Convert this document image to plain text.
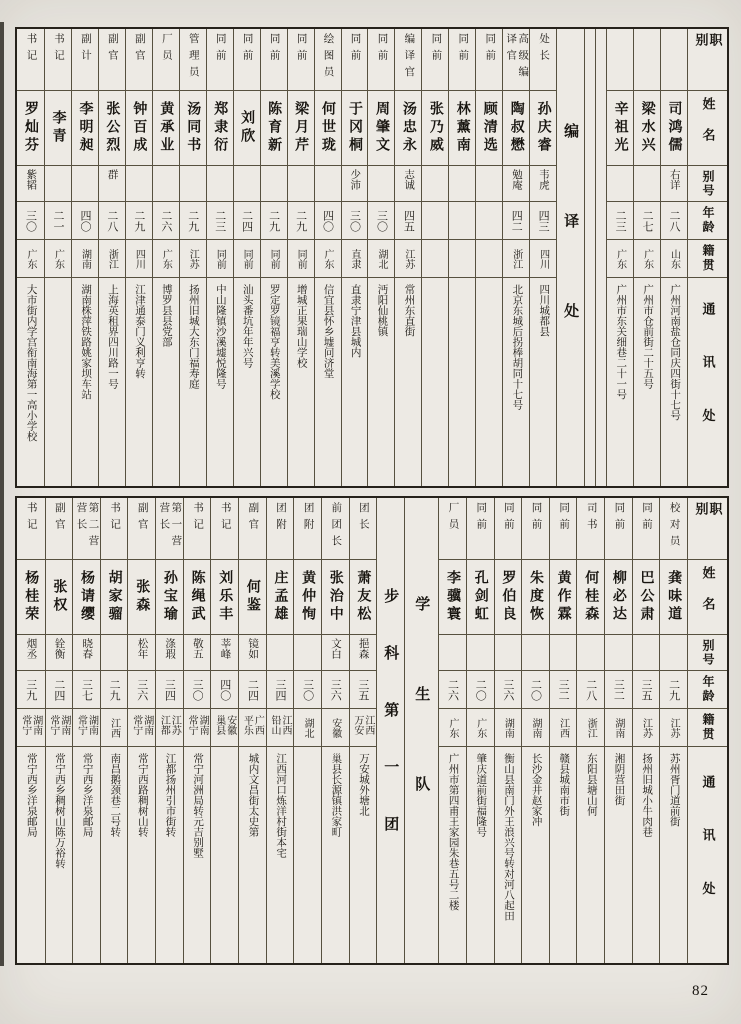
职别
姓名
别号
年龄
籍贯
通讯处
司鸿儒
右详
二八
山东
广州河南盐仓同庆四街十七号
梁水兴
二七
广东
广州市仓前街二十五号
辛祖光
二三
广东
广州市东关细巷二十一号
编译处
处长
孙庆睿
韦虎
四三
四川
四川城都县
高级编译官
陶叔懋
勉庵
四二
浙江
北京东城后拐棒胡同十七号
同前
顾清选
同前
林薰南
同前
张乃威
编译官
汤忠永
志诚
四五
江苏
常州东直街
同前
周肇文
三〇
湖北
沔阳仙桃镇
同前
于冈桐
少沛
三〇
直隶
直隶宁津县城内
绘图员
何世珑
四〇
广东
信宜县怀乡墟问济堂
同前
梁月芹
二九
同前
增城正果瑞山学校
同前
陈育新
二九
同前
罗定罗镜福亨转美溪学校
同前
刘欣
二四
同前
汕头番坑年年兴号
同前
郑隶衍
二三
同前
中山隆镇沙溪墟悦隆号
管理员
汤同书
二九
江苏
扬州旧城大东门福寿庭
厂员
黄承业
二六
广东
博罗县县党部
副官
钟百成
二九
四川
江津通泰门义利亨转
副官
张公烈
群
二八
浙江
上海英租界四川路一号
副计
李明昶
四〇
湖南
湖南株萍铁路姚家坝车站
书记
李青
二一
广东
书记
罗灿芬
紫韬
三〇
广东
大市街内学宫衔南海第一高小学校
职别
姓名
别号
年龄
籍贯
通讯处
校对员
龚味道
二九
江苏
苏州胥门道前街
同前
巴公肃
三五
江苏
扬州旧城小牛肉巷
同前
柳必达
三二
湖南
湘阴营田街
司书
何桂森
二八
浙江
东阳县塘山何
同前
黄作霖
三二
江西
赣县城南市街
同前
朱度恢
二〇
湖南
长沙金井赵家冲
同前
罗伯良
三六
湖南
衡山县南门外王浪兴号转对河八起田
同前
孔剑虹
二〇
广东
肇庆道前街福隆号
厂员
李骥寰
二六
广东
广州市第四甫王家园朱巷五号二楼
学生队
步科第一团
团长
萧友松
挹森
三五
江西万安
万安城外塘北
前团长
张治中
文白
三六
安徽
巢县长源镇洪家町
团附
黄仲恂
三〇
湖北
团附
庄孟雄
三四
江西铅山
江西河口炼洋村街本宅
副官
何鉴
镜如
二四
广西平乐
城内文昌街太史第
书记
刘乐丰
莘峰
四〇
安徽巢县
书记
陈绳武
敬五
三〇
湖南常宁
常宁河洲局转元吉别墅
第一营营长
孙宝瑜
涤瑕
三四
江苏江都
江都扬州引市街转
副官
张森
松年
三六
湖南常宁
常宁西路稠树山转
书记
胡家骝
二九
江西
南昌鹅颈巷二号转
第二营营长
杨请缨
晓春
三七
湖南常宁
常宁西乡洋泉邮局
副官
张权
铨衡
二四
湖南常宁
常宁西乡稠树山陈万裕转
书记
杨桂荣
烟丞
三九
湖南常宁
常宁西乡洋泉邮局
82
